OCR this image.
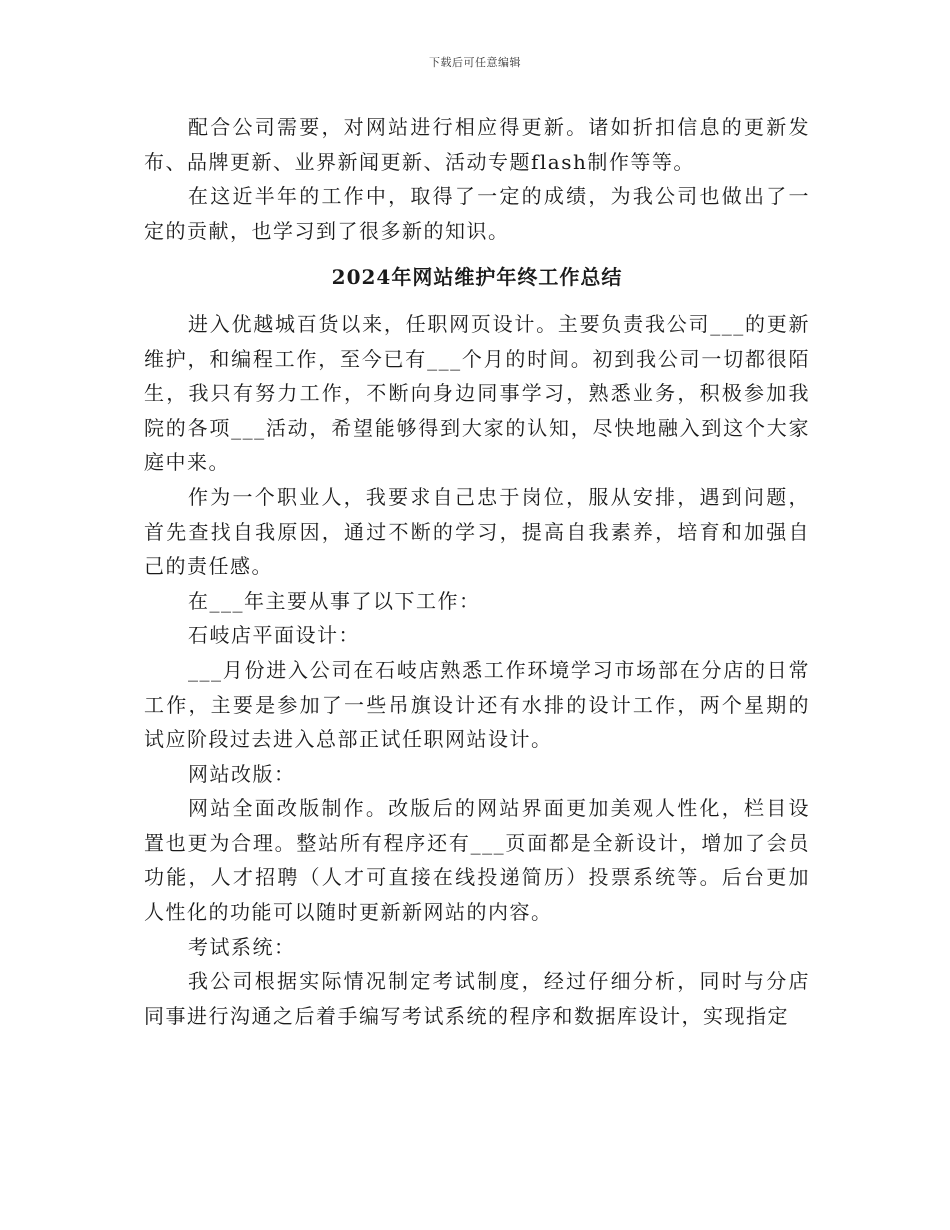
下载后可任意编辑

配合公司需要，对网站进行相应得更新。诸如折扣信息的更新发布、品牌更新、业界新闻更新、活动专题flash制作等等。

在这近半年的工作中，取得了一定的成绩，为我公司也做出了一定的贡献，也学习到了很多新的知识。

2024年网站维护年终工作总结

进入优越城百货以来，任职网页设计。主要负责我公司___的更新维护，和编程工作，至今已有___个月的时间。初到我公司一切都很陌生，我只有努力工作，不断向身边同事学习，熟悉业务，积极参加我院的各项___活动，希望能够得到大家的认知，尽快地融入到这个大家庭中来。

作为一个职业人，我要求自己忠于岗位，服从安排，遇到问题，首先查找自我原因，通过不断的学习，提高自我素养，培育和加强自己的责任感。

在___年主要从事了以下工作：

石岐店平面设计：

___月份进入公司在石岐店熟悉工作环境学习市场部在分店的日常工作，主要是参加了一些吊旗设计还有水排的设计工作，两个星期的试应阶段过去进入总部正试任职网站设计。

网站改版：

网站全面改版制作。改版后的网站界面更加美观人性化，栏目设置也更为合理。整站所有程序还有___页面都是全新设计，增加了会员功能，人才招聘（人才可直接在线投递简历）投票系统等。后台更加人性化的功能可以随时更新新网站的内容。

考试系统：

我公司根据实际情况制定考试制度，经过仔细分析，同时与分店同事进行沟通之后着手编写考试系统的程序和数据库设计，实现指定
